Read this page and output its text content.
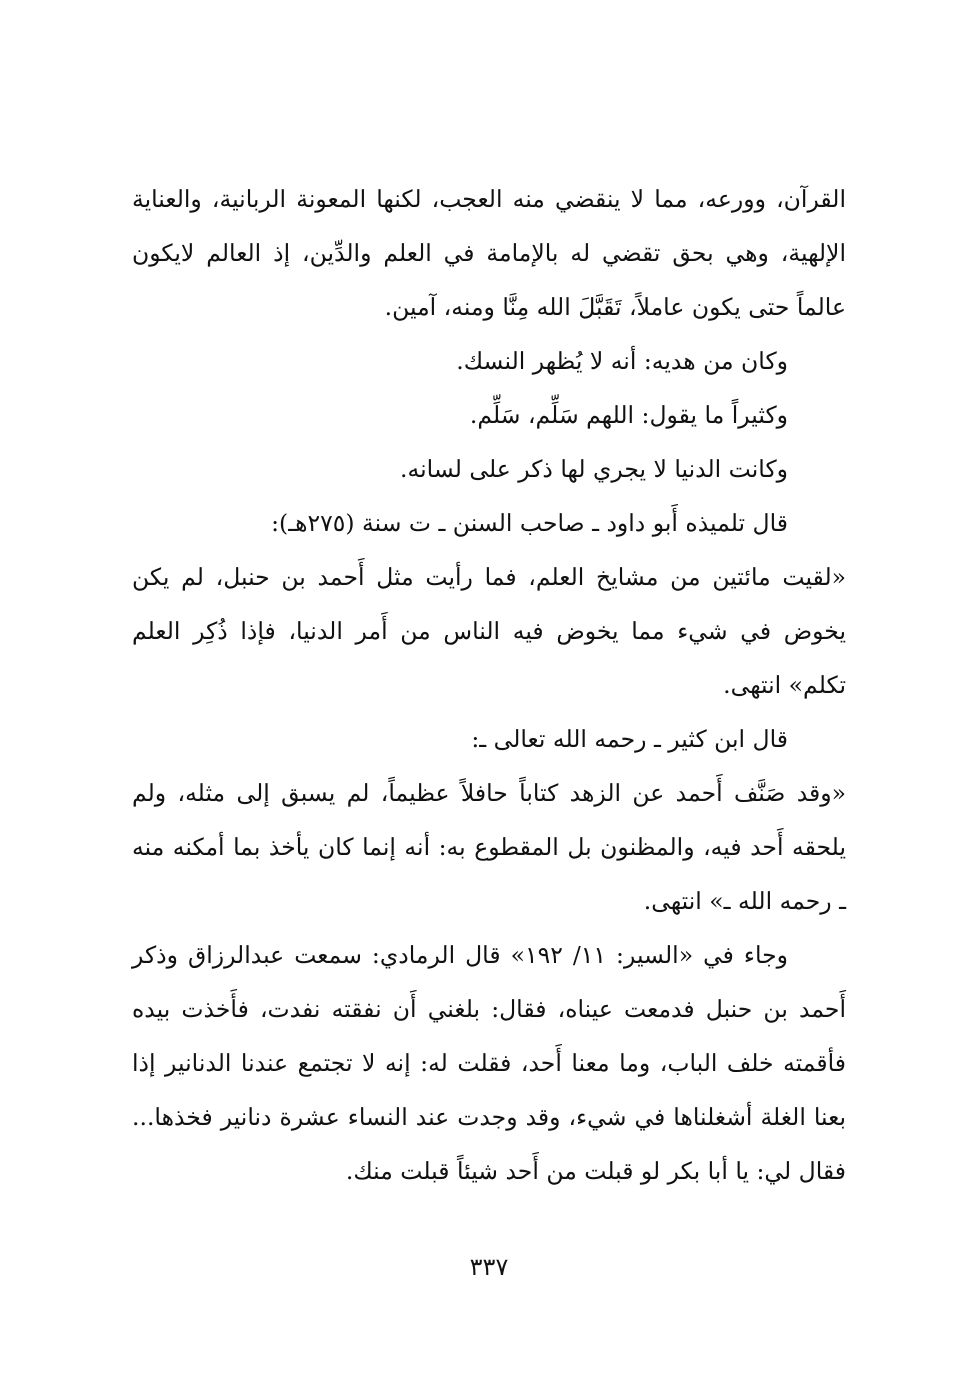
القرآن، وورعه، مما لا ينقضي منه العجب، لكنها المعونة الربانية، والعناية الإلهية، وهي بحق تقضي له بالإمامة في العلم والدِّين، إذ العالم لايكون عالماً حتى يكون عاملاً، تَقَبَّلَ الله مِنَّا ومنه، آمين.

وكان من هديه: أنه لا يُظهر النسك.

وكثيراً ما يقول: اللهم سَلِّم، سَلِّم.

وكانت الدنيا لا يجري لها ذكر على لسانه.

قال تلميذه أَبو داود ـ صاحب السنن ـ ت سنة (٢٧٥هـ):

«لقيت مائتين من مشايخ العلم، فما رأيت مثل أَحمد بن حنبل، لم يكن يخوض في شيء مما يخوض فيه الناس من أَمر الدنيا، فإذا ذُكِر العلم تكلم» انتهى.

قال ابن كثير ـ رحمه الله تعالى ـ:

«وقد صَنَّف أَحمد عن الزهد كتاباً حافلاً عظيماً، لم يسبق إلى مثله، ولم يلحقه أَحد فيه، والمظنون بل المقطوع به: أنه إنما كان يأخذ بما أمكنه منه ـ رحمه الله ـ» انتهى.

وجاء في «السير: ١١/ ١٩٢» قال الرمادي: سمعت عبدالرزاق وذكر أَحمد بن حنبل فدمعت عيناه، فقال: بلغني أَن نفقته نفدت، فأَخذت بيده فأقمته خلف الباب، وما معنا أَحد، فقلت له: إنه لا تجتمع عندنا الدنانير إذا بعنا الغلة أشغلناها في شيء، وقد وجدت عند النساء عشرة دنانير فخذها... فقال لي: يا أبا بكر لو قبلت من أَحد شيئاً قبلت منك.

٣٣٧
